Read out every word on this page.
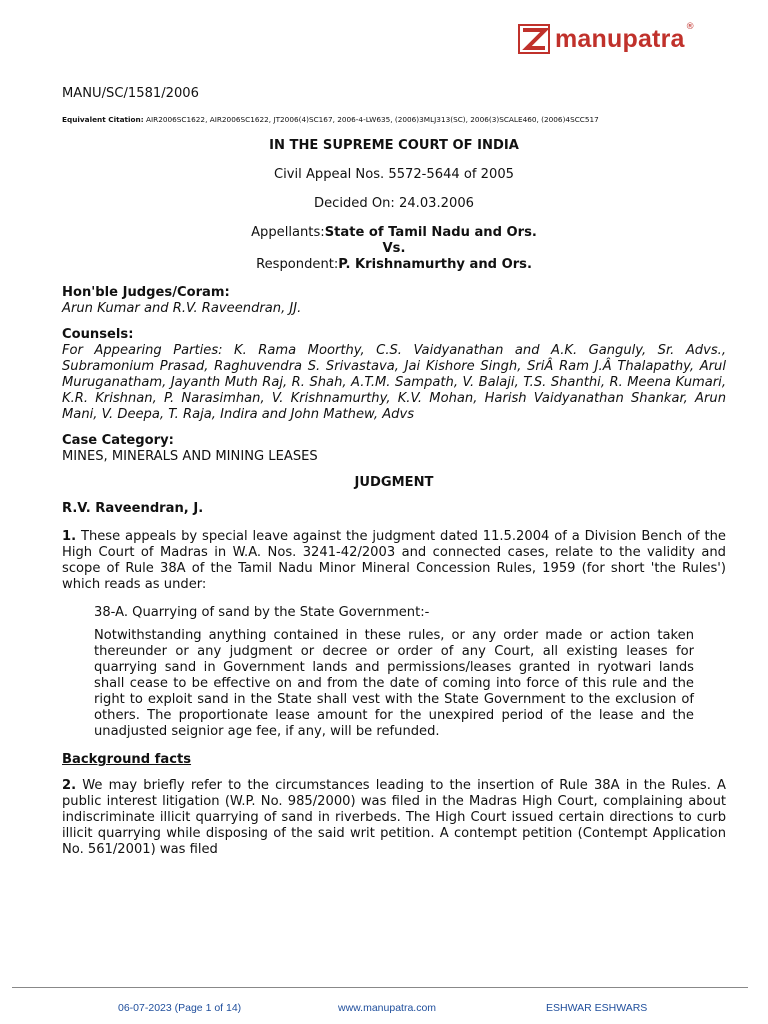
manupatra ®
MANU/SC/1581/2006
Equivalent Citation: AIR2006SC1622, AIR2006SC1622, JT2006(4)SC167, 2006-4-LW635, (2006)3MLJ313(SC), 2006(3)SCALE460, (2006)4SCC517
IN THE SUPREME COURT OF INDIA
Civil Appeal Nos. 5572-5644 of 2005
Decided On: 24.03.2006
Appellants:State of Tamil Nadu and Ors.
Vs.
Respondent:P. Krishnamurthy and Ors.
Hon'ble Judges/Coram:
Arun Kumar and R.V. Raveendran, JJ.
Counsels:
For Appearing Parties: K. Rama Moorthy, C.S. Vaidyanathan and A.K. Ganguly, Sr. Advs., Subramonium Prasad, Raghuvendra S. Srivastava, Jai Kishore Singh, SriÂ Ram J.Â Thalapathy, Arul Muruganatham, Jayanth Muth Raj, R. Shah, A.T.M. Sampath, V. Balaji, T.S. Shanthi, R. Meena Kumari, K.R. Krishnan, P. Narasimhan, V. Krishnamurthy, K.V. Mohan, Harish Vaidyanathan Shankar, Arun Mani, V. Deepa, T. Raja, Indira and John Mathew, Advs
Case Category:
MINES, MINERALS AND MINING LEASES
JUDGMENT
R.V. Raveendran, J.
1. These appeals by special leave against the judgment dated 11.5.2004 of a Division Bench of the High Court of Madras in W.A. Nos. 3241-42/2003 and connected cases, relate to the validity and scope of Rule 38A of the Tamil Nadu Minor Mineral Concession Rules, 1959 (for short 'the Rules') which reads as under:
38-A. Quarrying of sand by the State Government:-
Notwithstanding anything contained in these rules, or any order made or action taken thereunder or any judgment or decree or order of any Court, all existing leases for quarrying sand in Government lands and permissions/leases granted in ryotwari lands shall cease to be effective on and from the date of coming into force of this rule and the right to exploit sand in the State shall vest with the State Government to the exclusion of others. The proportionate lease amount for the unexpired period of the lease and the unadjusted seignior age fee, if any, will be refunded.
Background facts
2. We may briefly refer to the circumstances leading to the insertion of Rule 38A in the Rules. A public interest litigation (W.P. No. 985/2000) was filed in the Madras High Court, complaining about indiscriminate illicit quarrying of sand in riverbeds. The High Court issued certain directions to curb illicit quarrying while disposing of the said writ petition. A contempt petition (Contempt Application No. 561/2001) was filed
06-07-2023 (Page 1 of 14)	www.manupatra.com	ESHWAR ESHWARS
